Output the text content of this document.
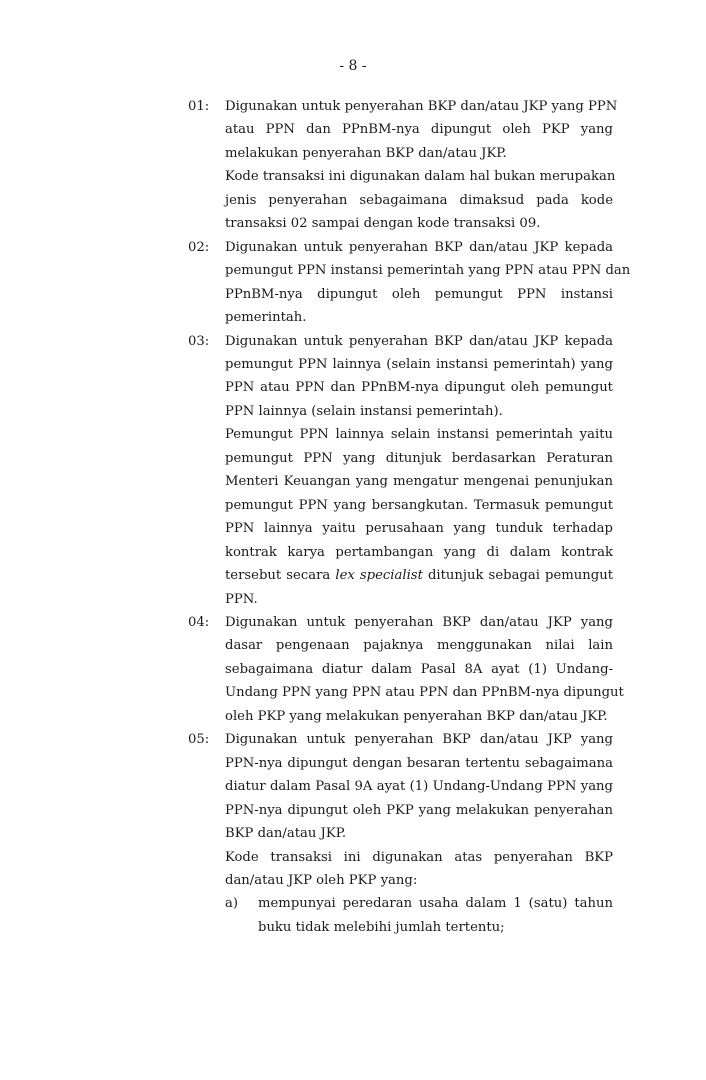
- 8 -
01: Digunakan untuk penyerahan BKP dan/atau JKP yang PPN
atau PPN dan PPnBM-nya dipungut oleh PKP yang
melakukan penyerahan BKP dan/atau JKP.
Kode transaksi ini digunakan dalam hal bukan merupakan
jenis penyerahan sebagaimana dimaksud pada kode
transaksi 02 sampai dengan kode transaksi 09.
02: Digunakan untuk penyerahan BKP dan/atau JKP kepada
pemungut PPN instansi pemerintah yang PPN atau PPN dan
PPnBM-nya dipungut oleh pemungut PPN instansi
pemerintah.
03: Digunakan untuk penyerahan BKP dan/atau JKP kepada
pemungut PPN lainnya (selain instansi pemerintah) yang
PPN atau PPN dan PPnBM-nya dipungut oleh pemungut
PPN lainnya (selain instansi pemerintah).
Pemungut PPN lainnya selain instansi pemerintah yaitu
pemungut PPN yang ditunjuk berdasarkan Peraturan
Menteri Keuangan yang mengatur mengenai penunjukan
pemungut PPN yang bersangkutan. Termasuk pemungut
PPN lainnya yaitu perusahaan yang tunduk terhadap
kontrak karya pertambangan yang di dalam kontrak
tersebut secara lex specialist ditunjuk sebagai pemungut
PPN.
04: Digunakan untuk penyerahan BKP dan/atau JKP yang
dasar pengenaan pajaknya menggunakan nilai lain
sebagaimana diatur dalam Pasal 8A ayat (1) Undang-
Undang PPN yang PPN atau PPN dan PPnBM-nya dipungut
oleh PKP yang melakukan penyerahan BKP dan/atau JKP.
05: Digunakan untuk penyerahan BKP dan/atau JKP yang
PPN-nya dipungut dengan besaran tertentu sebagaimana
diatur dalam Pasal 9A ayat (1) Undang-Undang PPN yang
PPN-nya dipungut oleh PKP yang melakukan penyerahan
BKP dan/atau JKP.
Kode transaksi ini digunakan atas penyerahan BKP
dan/atau JKP oleh PKP yang:
a) mempunyai peredaran usaha dalam 1 (satu) tahun
buku tidak melebihi jumlah tertentu;
